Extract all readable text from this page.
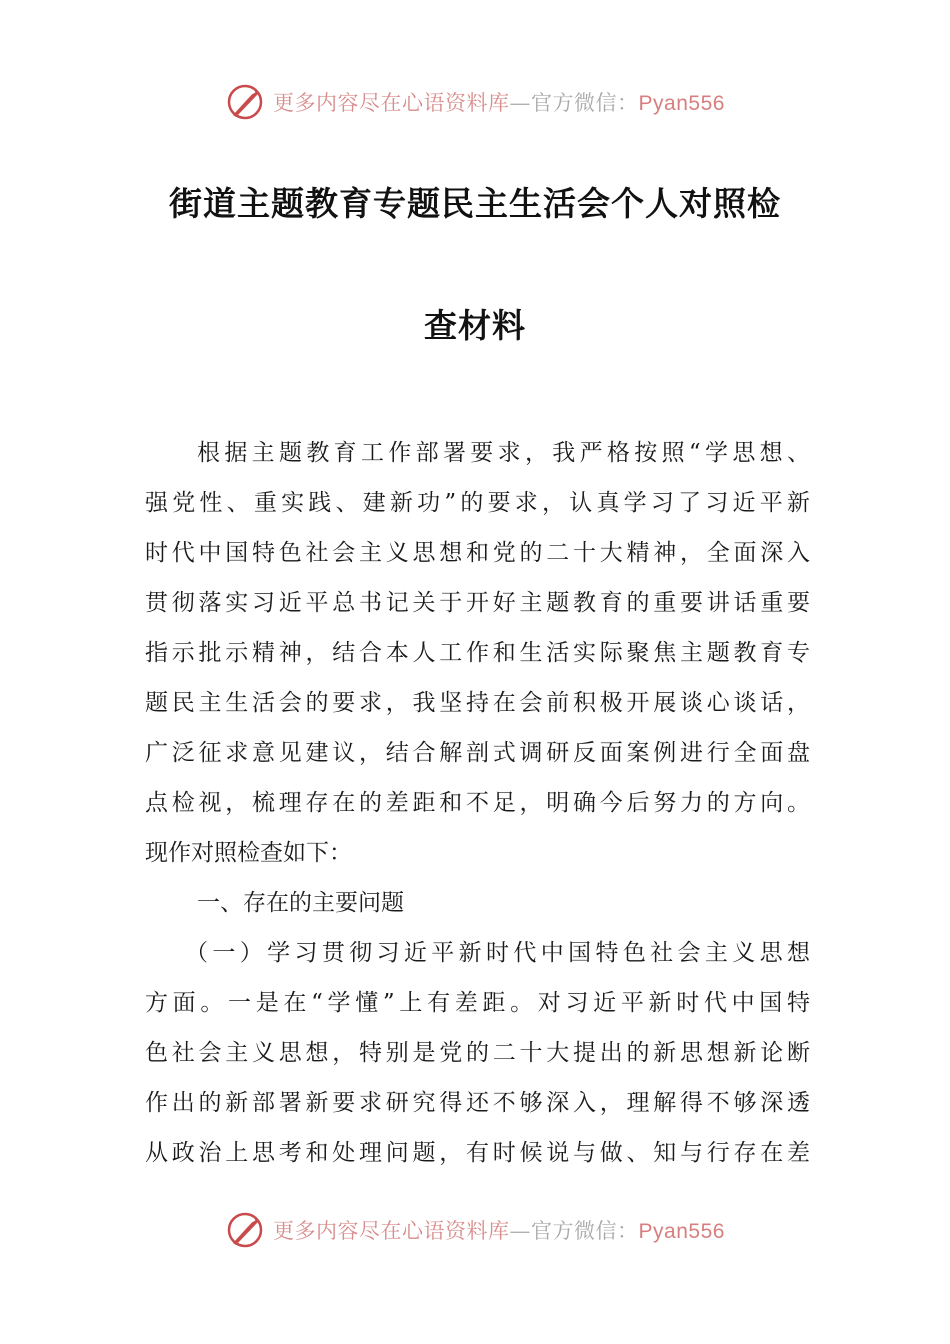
更多内容尽在心语资料库—官方微信：Pyan556
街道主题教育专题民主生活会个人对照检
查材料
根据主题教育工作部署要求，我严格按照“学思想、
强党性、重实践、建新功”的要求，认真学习了习近平新
时代中国特色社会主义思想和党的二十大精神，全面深入
贯彻落实习近平总书记关于开好主题教育的重要讲话重要
指示批示精神，结合本人工作和生活实际聚焦主题教育专
题民主生活会的要求，我坚持在会前积极开展谈心谈话，
广泛征求意见建议，结合解剖式调研反面案例进行全面盘
点检视，梳理存在的差距和不足，明确今后努力的方向。
现作对照检查如下：
一、存在的主要问题
（一）学习贯彻习近平新时代中国特色社会主义思想
方面。一是在“学懂”上有差距。对习近平新时代中国特
色社会主义思想，特别是党的二十大提出的新思想新论断
作出的新部署新要求研究得还不够深入，理解得不够深透
从政治上思考和处理问题，有时候说与做、知与行存在差
更多内容尽在心语资料库—官方微信：Pyan556
